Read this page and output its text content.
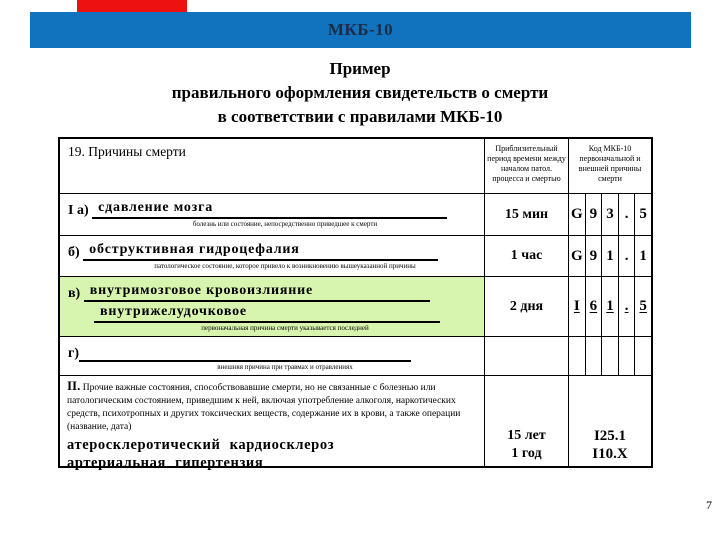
МКБ-10
Пример
правильного оформления свидетельств о смерти
в соответствии с правилами МКБ-10
19. Причины смерти	Приблизительный период времени между началом патол. процесса и смертью
Код МКБ-10 первоначальной и внешней причины смерти
I а) сдавление мозга
болезнь или состояние, непосредственно приведшее к смерти
15 мин G 9 3 . 5
б) обструктивная гидроцефалия
патологическое состояние, которое привело к возникновению вышеуказанной причины
1 час G 9 1 . 1
в) внутримозговое кровоизлияние
внутрижелудочковое
первоначальная причина смерти указывается последней
2 дня	I 6 1 . 5
г)
внешняя причина при травмах и отравлениях
II. Прочие важные состояния, способствовавшие смерти, но не связанные с болезнью или патологическим состоянием, приведшим к ней, включая употребление алкоголя, наркотических средств, психотропных и других токсических веществ, содержание их в крови, а также операции (название, дата)
атеросклеротический кардиосклероз
артериальная гипертензия
15 лет
1 год
I25.1
I10.X
7
